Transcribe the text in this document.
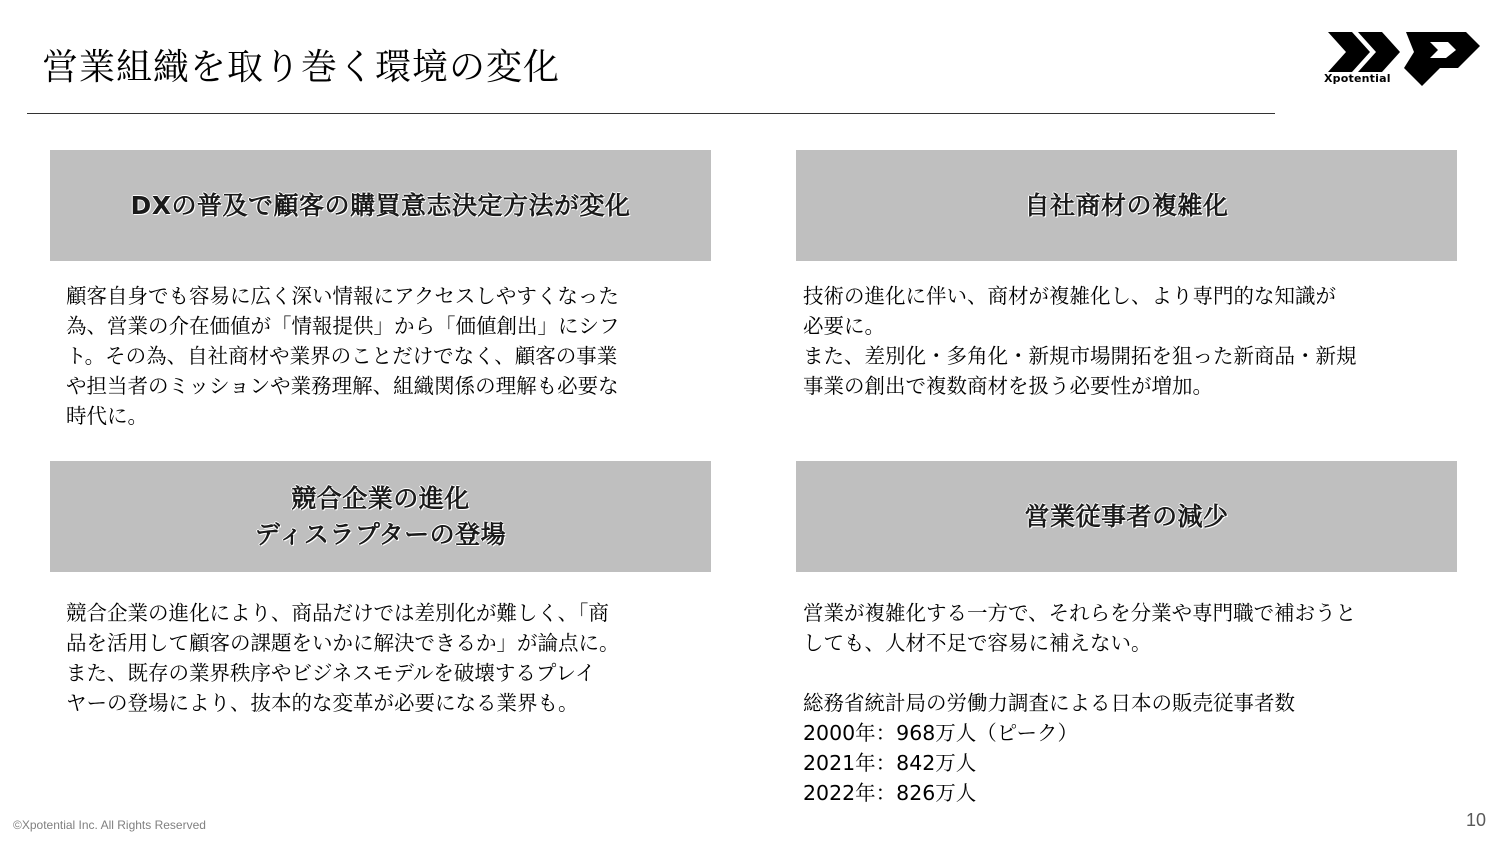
営業組織を取り巻く環境の変化	Xpotential
DXの普及で顧客の購買意志決定方法が変化
顧客自身でも容易に広く深い情報にアクセスしやすくなった
為、営業の介在価値が「情報提供」から「価値創出」にシフ
ト。その為、自社商材や業界のことだけでなく、顧客の事業
や担当者のミッションや業務理解、組織関係の理解も必要な
時代に。
自社商材の複雑化
技術の進化に伴い、商材が複雑化し、より専門的な知識が
必要に。
また、差別化・多角化・新規市場開拓を狙った新商品・新規
事業の創出で複数商材を扱う必要性が増加。
競合企業の進化
ディスラプターの登場
競合企業の進化により、商品だけでは差別化が難しく、「商
品を活用して顧客の課題をいかに解決できるか」が論点に。
また、既存の業界秩序やビジネスモデルを破壊するプレイ
ヤーの登場により、抜本的な変革が必要になる業界も。
営業従事者の減少
営業が複雑化する一方で、それらを分業や専門職で補おうと
しても、人材不足で容易に補えない。

総務省統計局の労働力調査による日本の販売従事者数
2000年：968万人（ピーク）
2021年：842万人
2022年：826万人
©Xpotential Inc. All Rights Reserved	10
